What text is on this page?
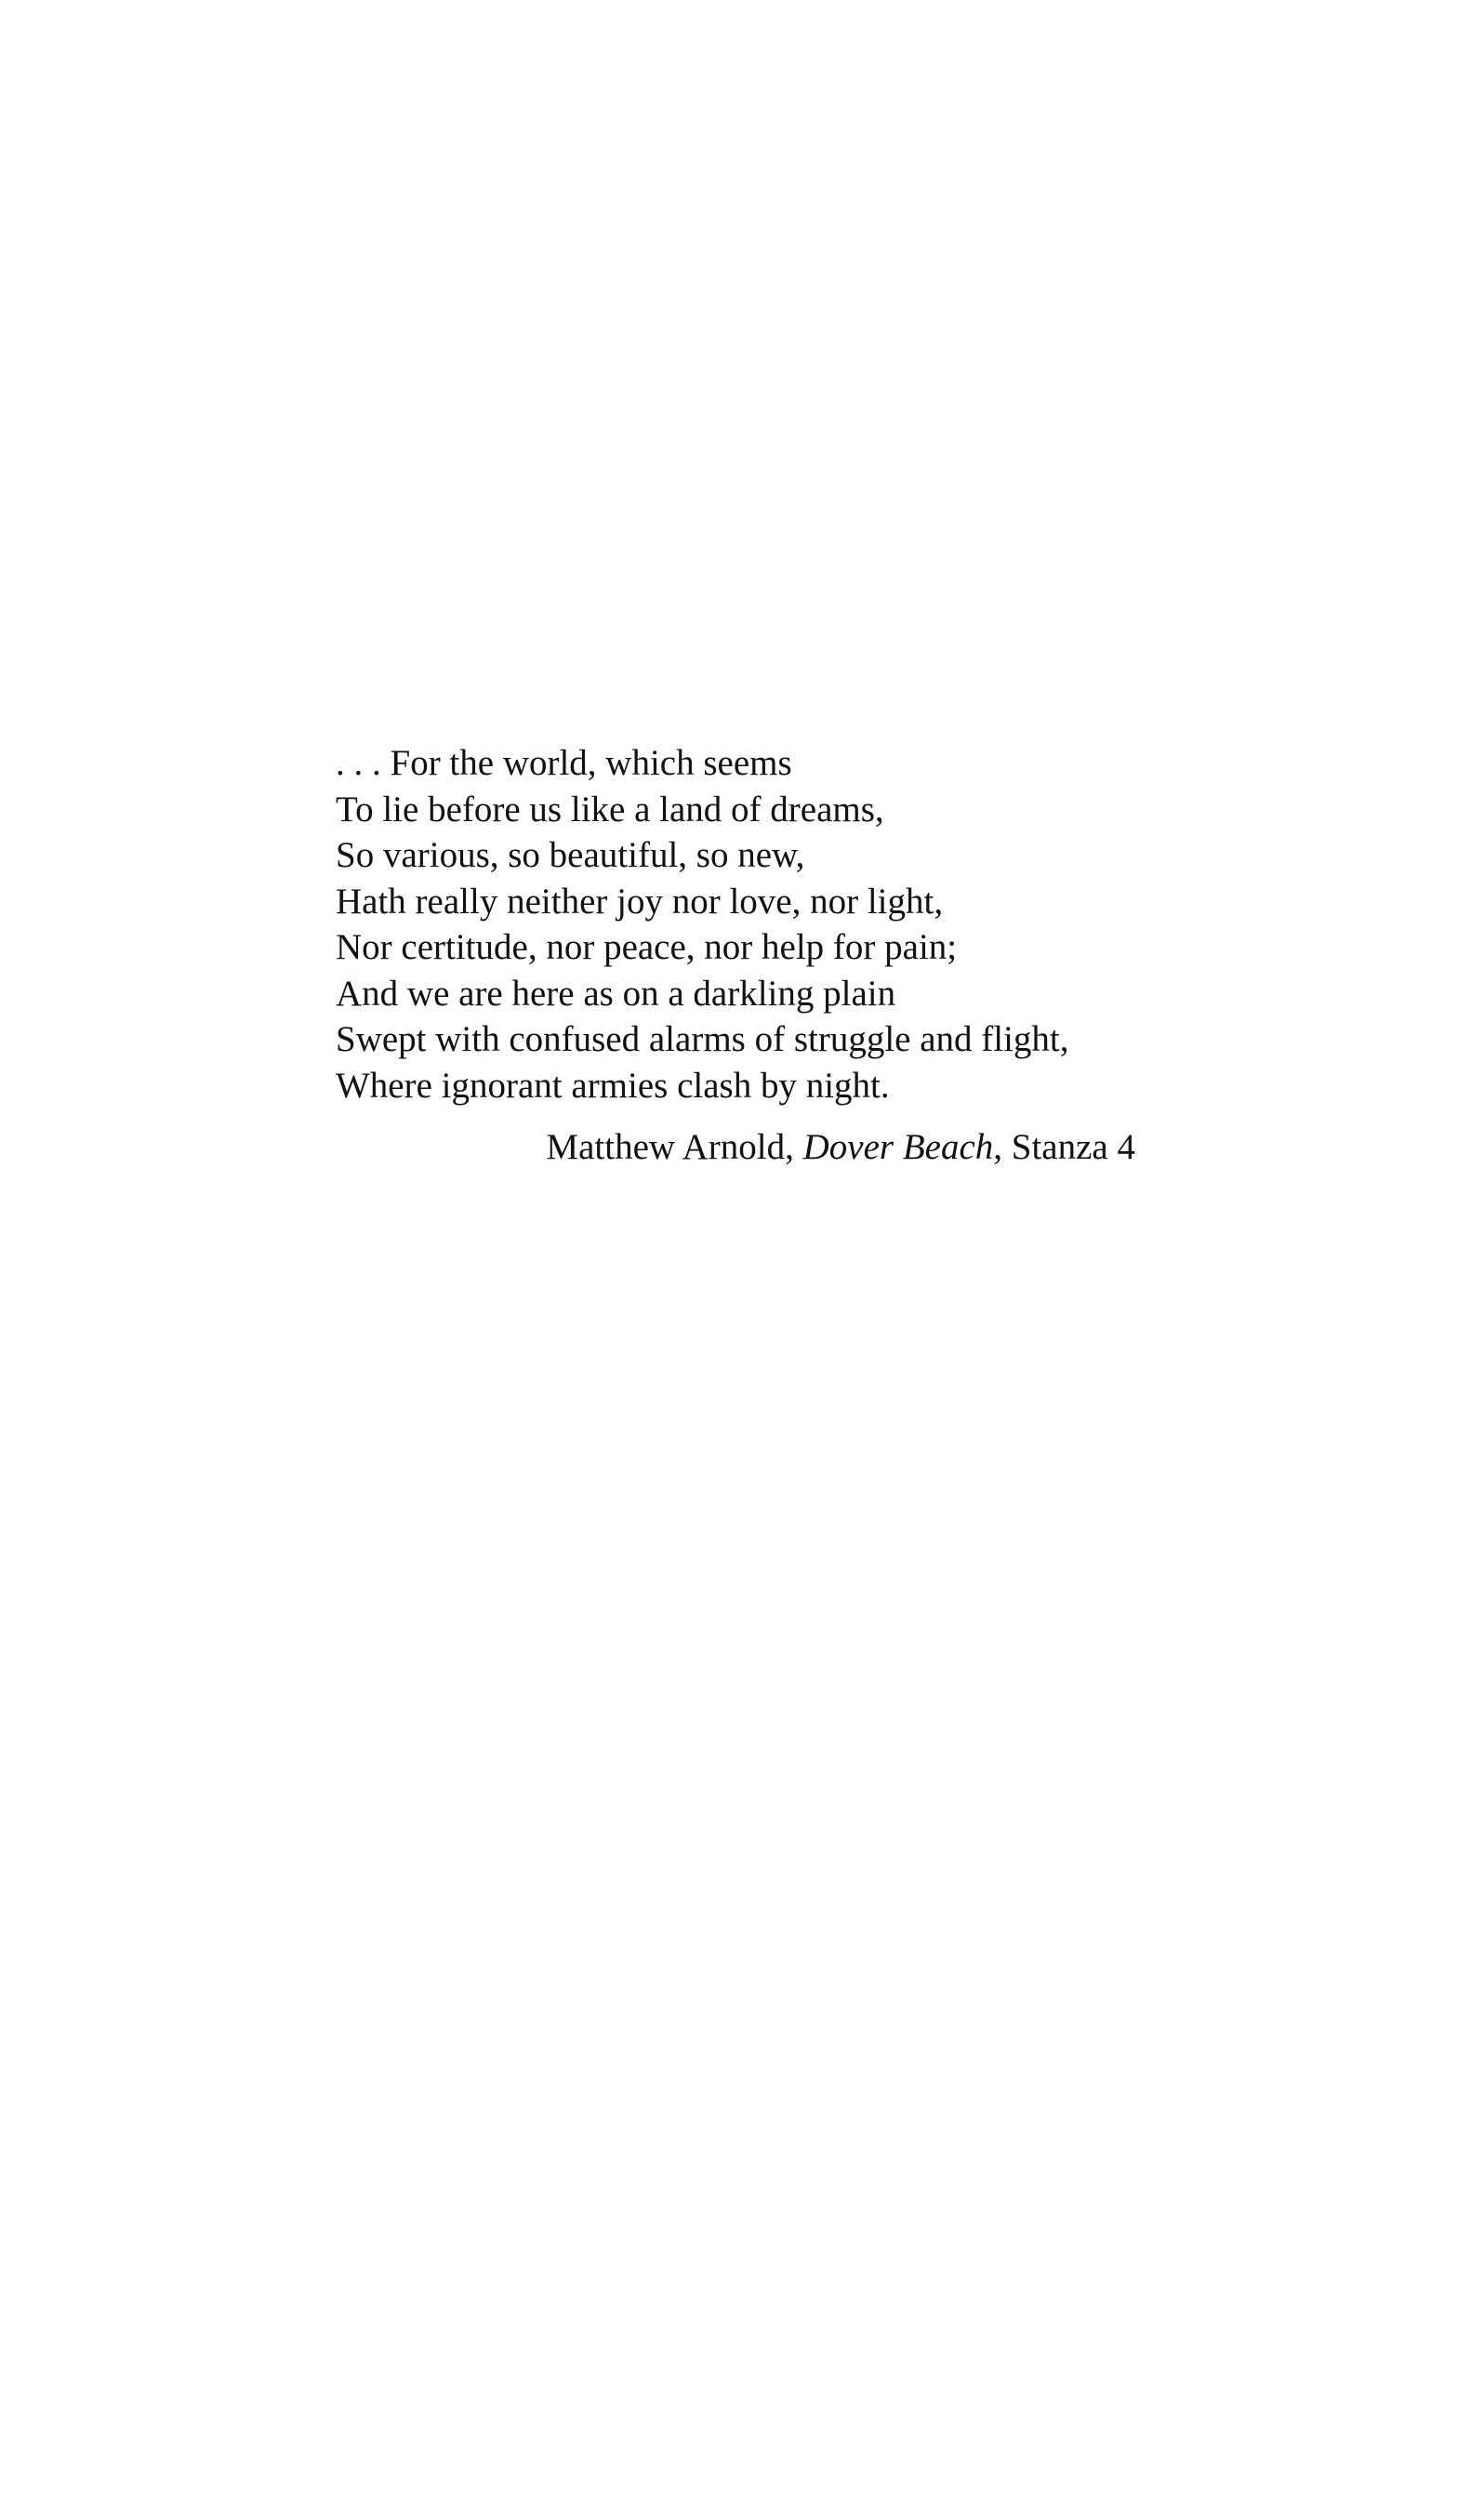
. . . For the world, which seems
To lie before us like a land of dreams,
So various, so beautiful, so new,
Hath really neither joy nor love, nor light,
Nor certitude, nor peace, nor help for pain;
And we are here as on a darkling plain
Swept with confused alarms of struggle and flight,
Where ignorant armies clash by night.
Matthew Arnold, Dover Beach, Stanza 4
